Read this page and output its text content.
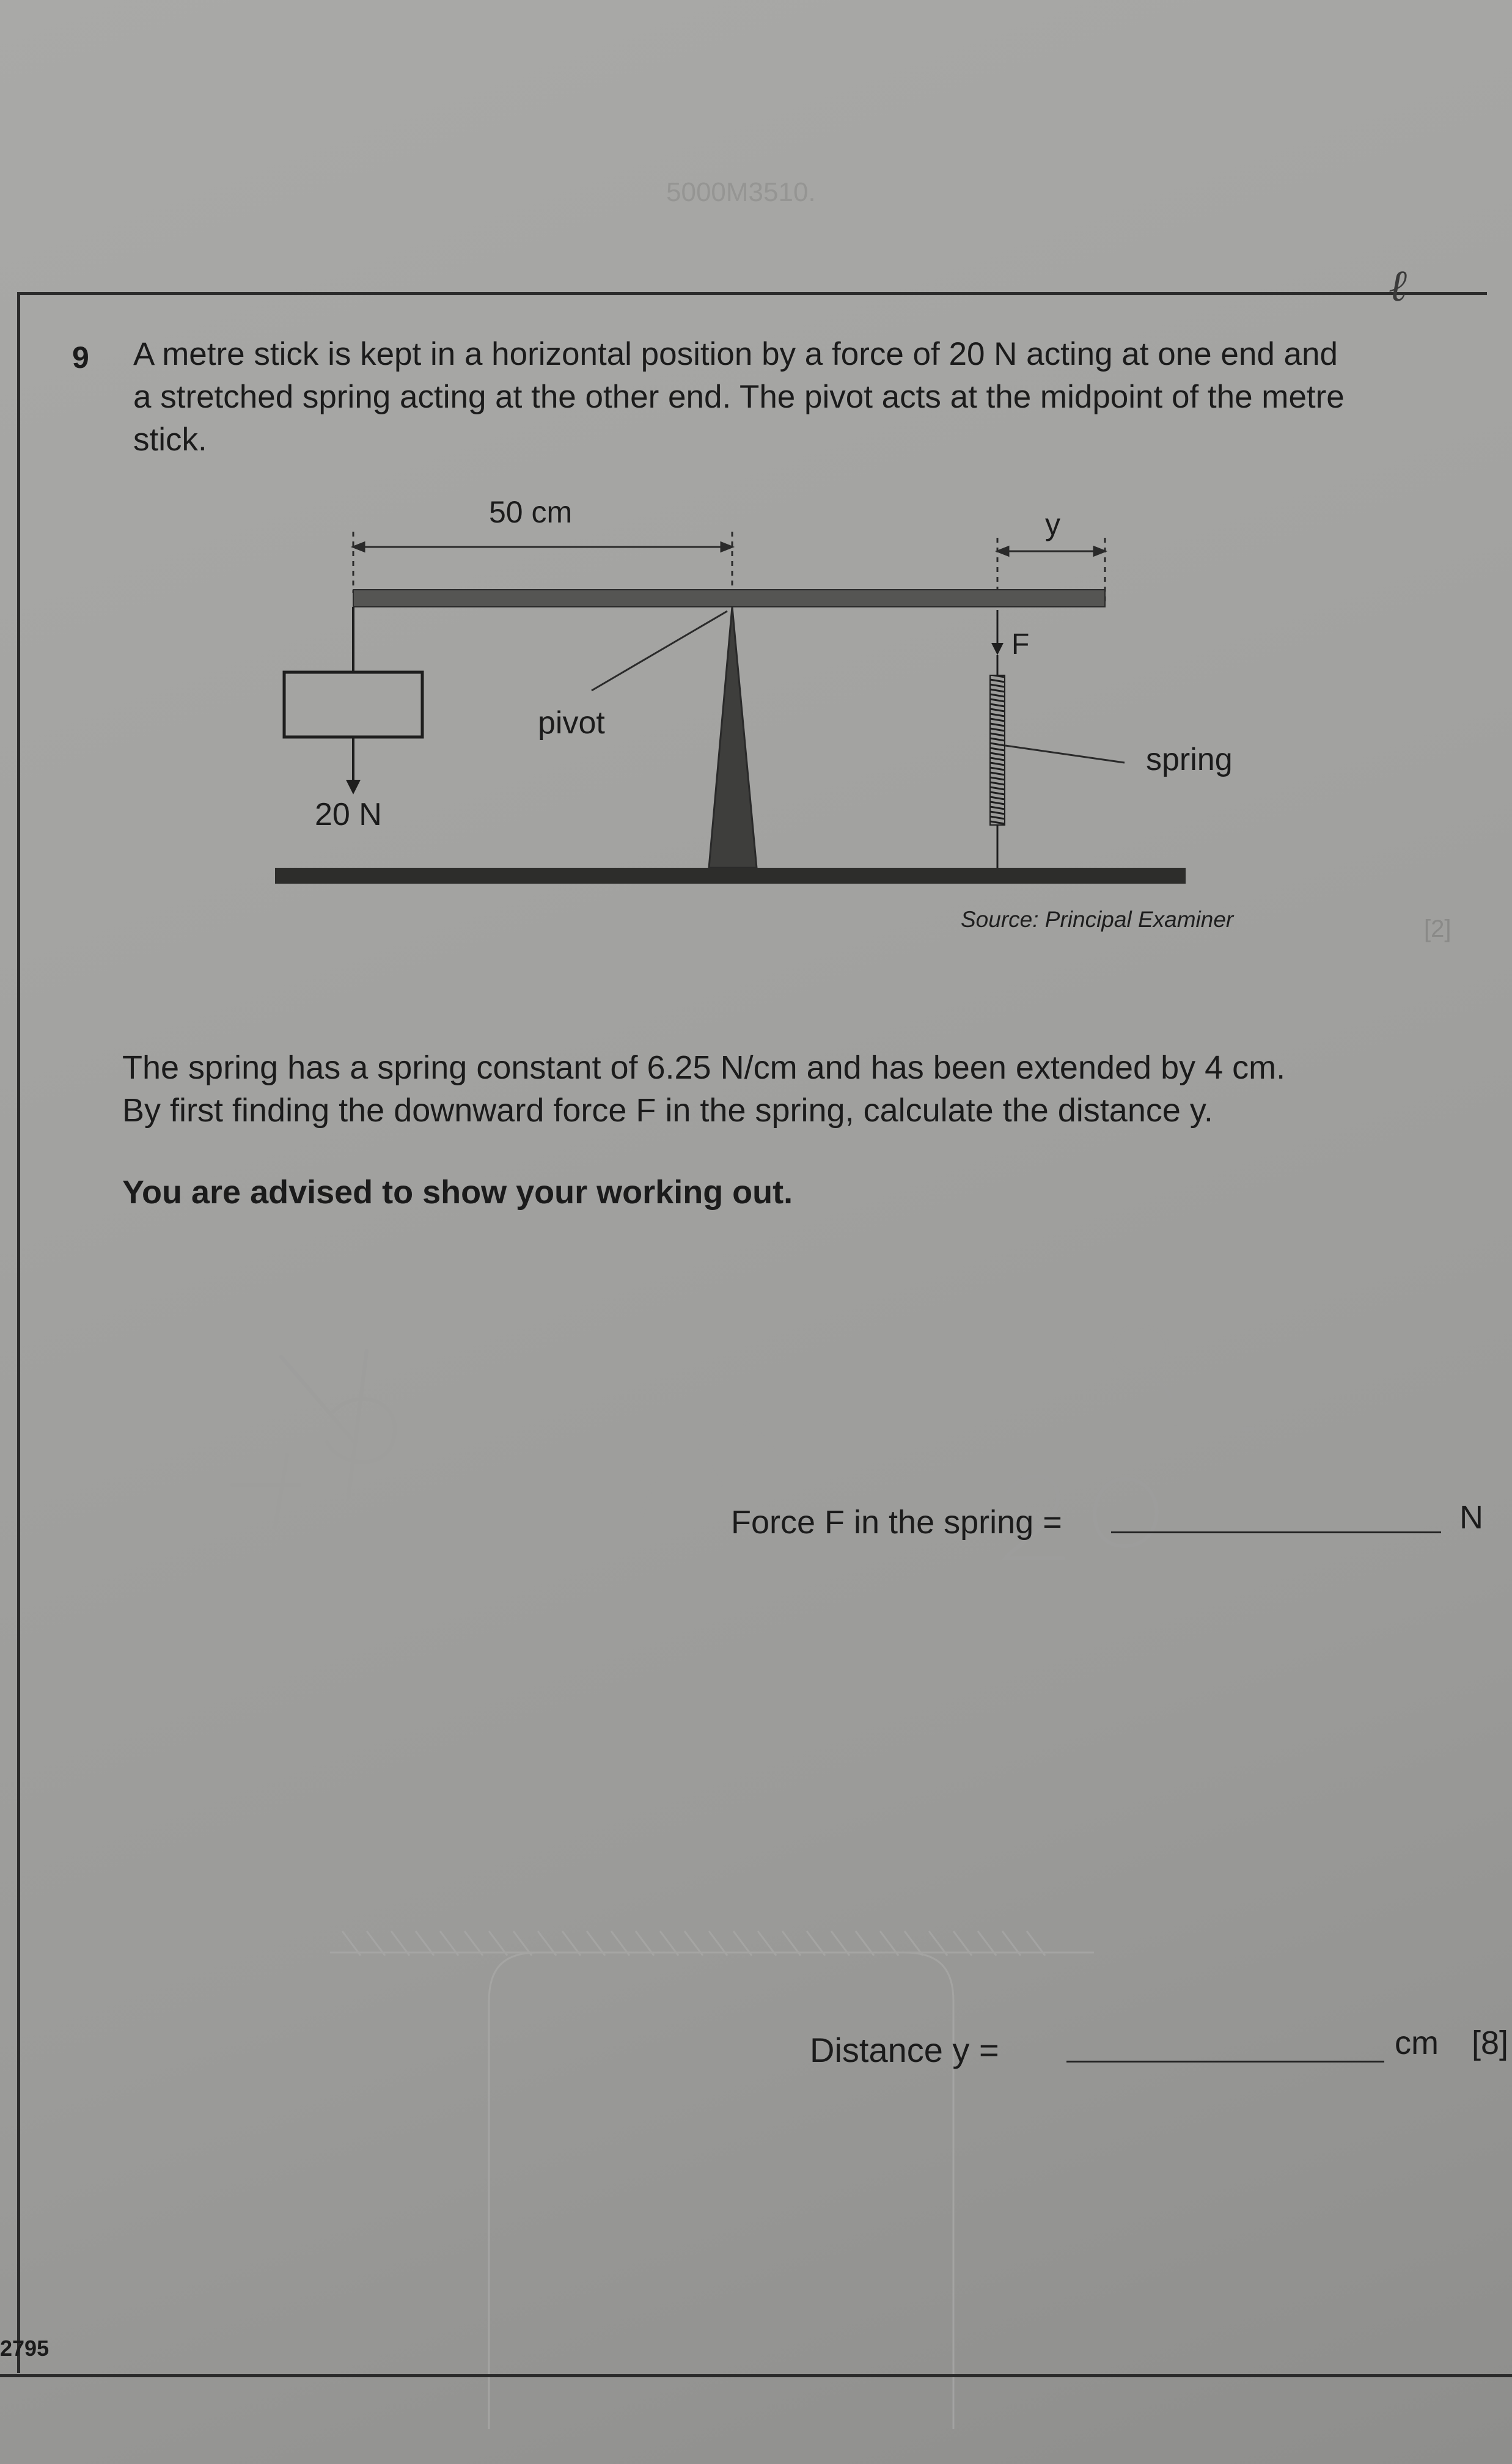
5000M3510.
ℓ
9 A metre stick is kept in a horizontal position by a force of 20 N acting at one end and

a stretched spring acting at the other end. The pivot acts at the midpoint of the metre

stick.

50 cm	y
20 N
pivot
F
spring
Source: Principal Examiner	[2]

The spring has a spring constant of 6.25 N/cm and has been extended by 4 cm.

By first finding the downward force F in the spring, calculate the distance y.

You are advised to show your working out.
Force F in the spring =	N
Distance y =	cm [8]
2795
